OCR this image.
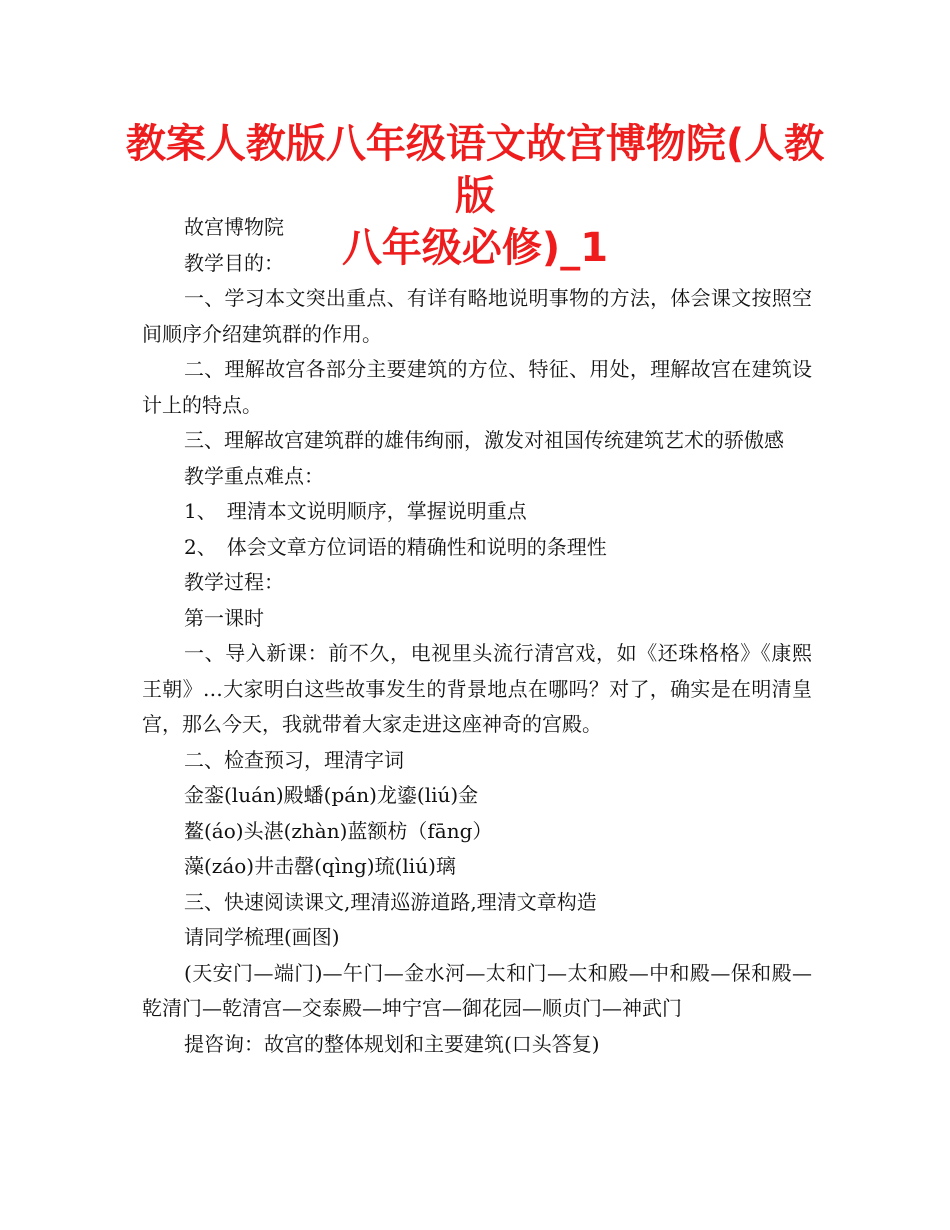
教案人教版八年级语文故宫博物院(人教版
八年级必修)_1

故宫博物院

教学目的：

一、学习本文突出重点、有详有略地说明事物的方法，体会课文按照空间顺序介绍建筑群的作用。

二、理解故宫各部分主要建筑的方位、特征、用处，理解故宫在建筑设计上的特点。

三、理解故宫建筑群的雄伟绚丽，激发对祖国传统建筑艺术的骄傲感

教学重点难点：

1、　理清本文说明顺序，掌握说明重点

2、　体会文章方位词语的精确性和说明的条理性

教学过程：

第一课时

一、导入新课：前不久，电视里头流行清宫戏，如《还珠格格》《康熙王朝》…大家明白这些故事发生的背景地点在哪吗？对了，确实是在明清皇宫，那么今天，我就带着大家走进这座神奇的宫殿。

二、检查预习，理清字词

金銮(luán)殿蟠(pán)龙鎏(liú)金

鳌(áo)头湛(zhàn)蓝额枋（fāng）

藻(záo)井击罄(qìng)琉(liú)璃

三、快速阅读课文,理清巡游道路,理清文章构造

请同学梳理(画图)

(天安门—端门)—午门—金水河—太和门—太和殿—中和殿—保和殿—乾清门—乾清宫—交泰殿—坤宁宫—御花园—顺贞门—神武门

提咨询：故宫的整体规划和主要建筑(口头答复)
